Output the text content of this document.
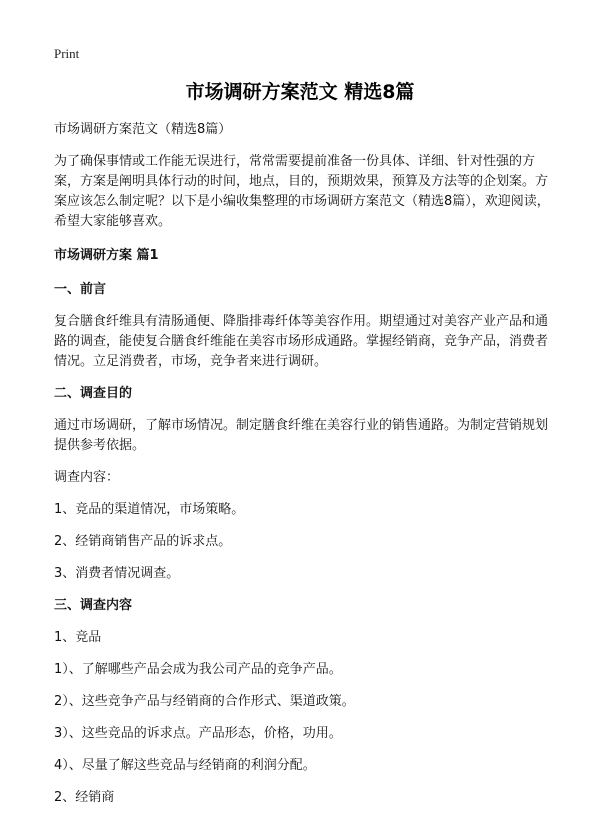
Print
市场调研方案范文 精选8篇

市场调研方案范文（精选8篇）

为了确保事情或工作能无误进行，常常需要提前准备一份具体、详细、针对性强的方案，方案是阐明具体行动的时间，地点，目的，预期效果，预算及方法等的企划案。方案应该怎么制定呢？以下是小编收集整理的市场调研方案范文（精选8篇），欢迎阅读，希望大家能够喜欢。

市场调研方案 篇1

一、前言

复合膳食纤维具有清肠通便、降脂排毒纤体等美容作用。期望通过对美容产业产品和通路的调查，能使复合膳食纤维能在美容市场形成通路。掌握经销商，竞争产品，消费者情况。立足消费者，市场，竞争者来进行调研。

二、调查目的

通过市场调研，了解市场情况。制定膳食纤维在美容行业的销售通路。为制定营销规划提供参考依据。

调查内容：

1、竞品的渠道情况，市场策略。

2、经销商销售产品的诉求点。

3、消费者情况调查。

三、调查内容

1、竞品

1）、了解哪些产品会成为我公司产品的竞争产品。

2）、这些竞争产品与经销商的合作形式、渠道政策。

3）、这些竞品的诉求点。产品形态，价格，功用。

4）、尽量了解这些竞品与经销商的利润分配。

2、经销商
